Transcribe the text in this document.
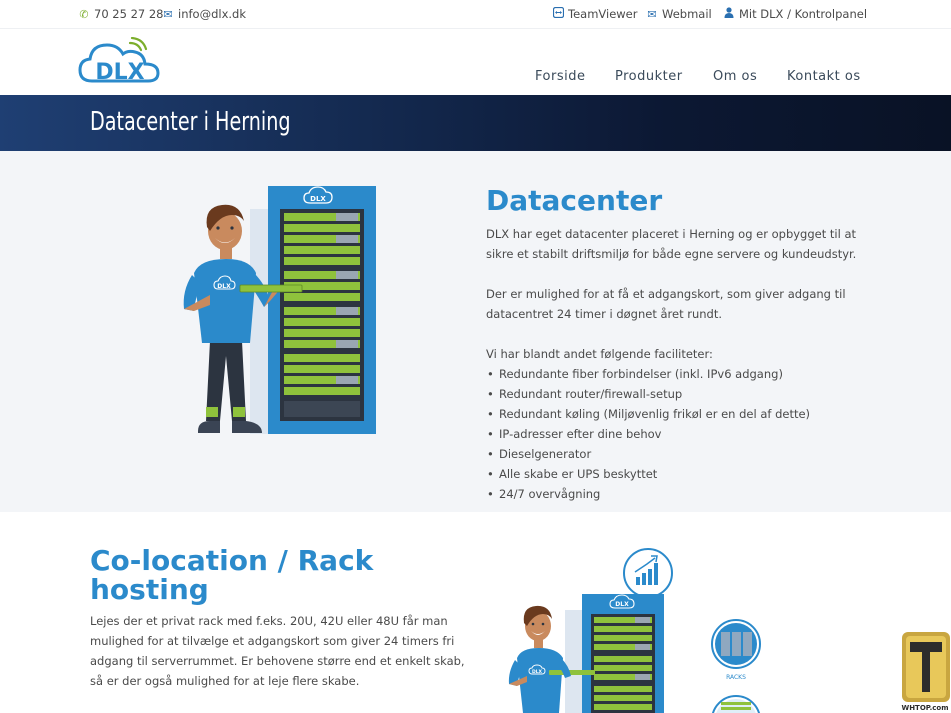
✆ 70 25 27 28 ✉ info@dlx.dk	TeamViewer ✉ Webmail Mit DLX / Kontrolpanel
DLX	Forside Produkter Om os Kontakt os
Datacenter i Herning
DLX
DLX
Datacenter

DLX har eget datacenter placeret i Herning og er opbygget til at sikre et stabilt driftsmiljø for både egne servere og kundeudstyr.

Der er mulighed for at få et adgangskort, som giver adgang til datacentret 24 timer i døgnet året rundt.

Vi har blandt andet følgende faciliteter:

• Redundante fiber forbindelser (inkl. IPv6 adgang)
• Redundant router/firewall-setup
• Redundant køling (Miljøvenlig frikøl er en del af dette)
• IP-adresser efter dine behov
• Dieselgenerator
• Alle skabe er UPS beskyttet
• 24/7 overvågning
Co-location / Rack hosting

Lejes der et privat rack med f.eks. 20U, 42U eller 48U får man mulighed for at tilvælge et adgangskort som giver 24 timers fri adgang til serverrummet. Er behovene større end et enkelt skab, så er der også mulighed for at leje flere skabe.

DLX
DLX
RACKS
WHTOP.com
